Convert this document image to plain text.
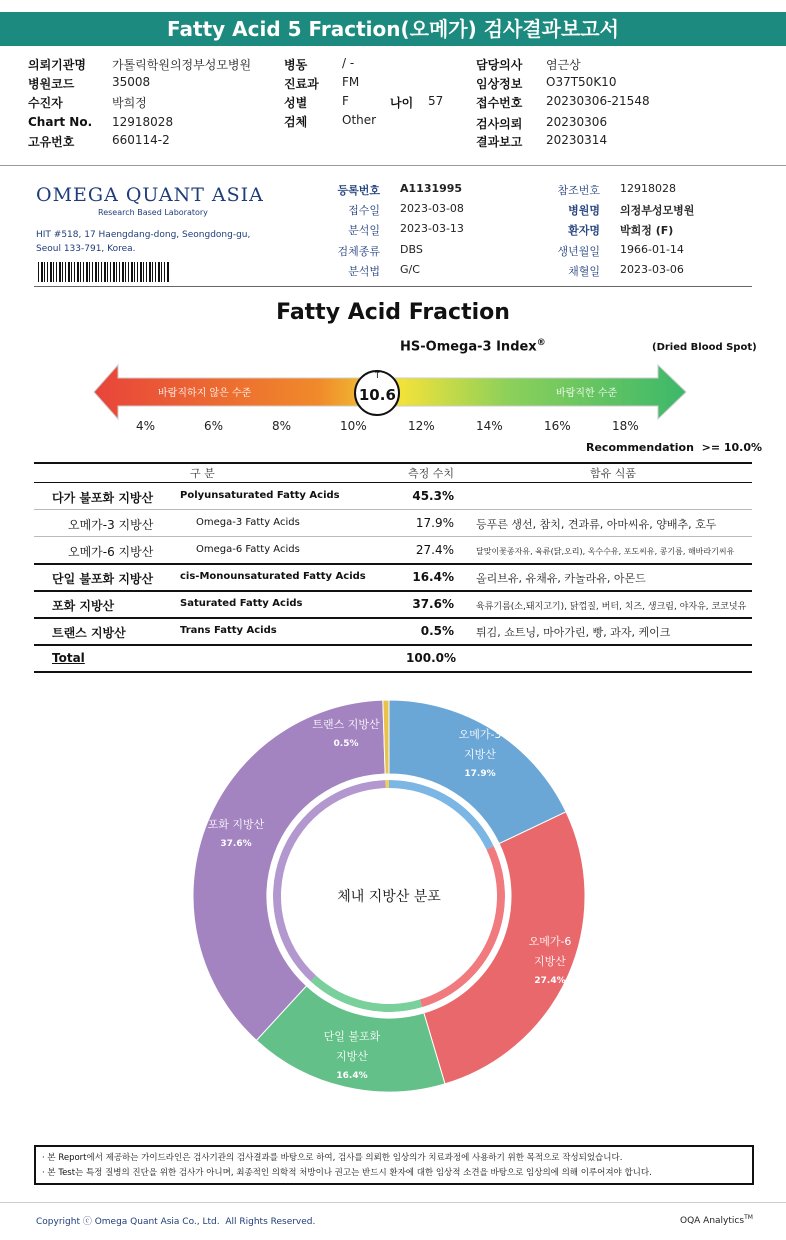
Fatty Acid 5 Fraction(오메가) 검사결과보고서
의뢰기관명 가톨릭학원의정부성모병원
병원코드	35008
수진자	박희정
Chart No. 12918028
고유번호	660114-2
병동	/ -
진료과 FM
성별	F	나이 57
검체	Other
담당의사 염근상
임상정보 O37T50K10
접수번호 20230306-21548
검사의뢰 20230306
결과보고 20230314
OMEGA QUANT ASIA
Research Based Laboratory
HIT #518, 17 Haengdang-dong, Seongdong-gu,
Seoul 133-791, Korea.
등록번호 A1131995
접수일 2023-03-08
분석일 2023-03-13
검체종류 DBS
분석법 G/C
참조번호 12918028
병원명 의정부성모병원
환자명 박희정 (F)
생년월일 1966-01-14
채혈일 2023-03-06
Fatty Acid Fraction
HS-Omega-3 Index®	(Dried Blood Spot)
바람직하지 않은 수준	바람직한 수준
↑
10.6
4%	6%	8%	10%	12%	14%	16%	18%
Recommendation  >= 10.0%
구 분	측정 수치	함유 식품
다가 불포화 지방산	Polyunsaturated Fatty Acids	45.3%
오메가-3 지방산	Omega-3 Fatty Acids	17.9% 등푸른 생선, 참치, 견과류, 아마씨유, 양배추, 호두
오메가-6 지방산	Omega-6 Fatty Acids	27.4%	달맞이꽃종자유, 육류(닭,오리), 옥수수유, 포도씨유, 콩기름, 해바라기씨유
단일 불포화 지방산	cis-Monounsaturated Fatty Acids	16.4% 올리브유, 유채유, 카놀라유, 아몬드
포화 지방산	Saturated Fatty Acids	37.6% 육류기름(소,돼지고기), 닭껍질, 버터, 치즈, 생크림, 야자유, 코코넛유
트랜스 지방산	Trans Fatty Acids	0.5% 튀김, 쇼트닝, 마아가린, 빵, 과자, 케이크
Total	100.0%
오메가-3
지방산
17.9%
오메가-6
지방산
27.4%
단일 불포화
지방산
16.4%
포화 지방산
37.6%
트랜스 지방산
0.5%
체내 지방산 분포
· 본 Report에서 제공하는 가이드라인은 검사기관의 검사결과를 바탕으로 하여, 검사를 의뢰한 임상의가 치료과정에 사용하기 위한 목적으로 작성되었습니다.
· 본 Test는 특정 질병의 진단을 위한 검사가 아니며, 최종적인 의학적 처방이나 권고는 반드시 환자에 대한 임상적 소견을 바탕으로 임상의에 의해 이루어져야 합니다.
Copyright ⓒ Omega Quant Asia Co., Ltd.  All Rights Reserved.	OQA Analytics™
